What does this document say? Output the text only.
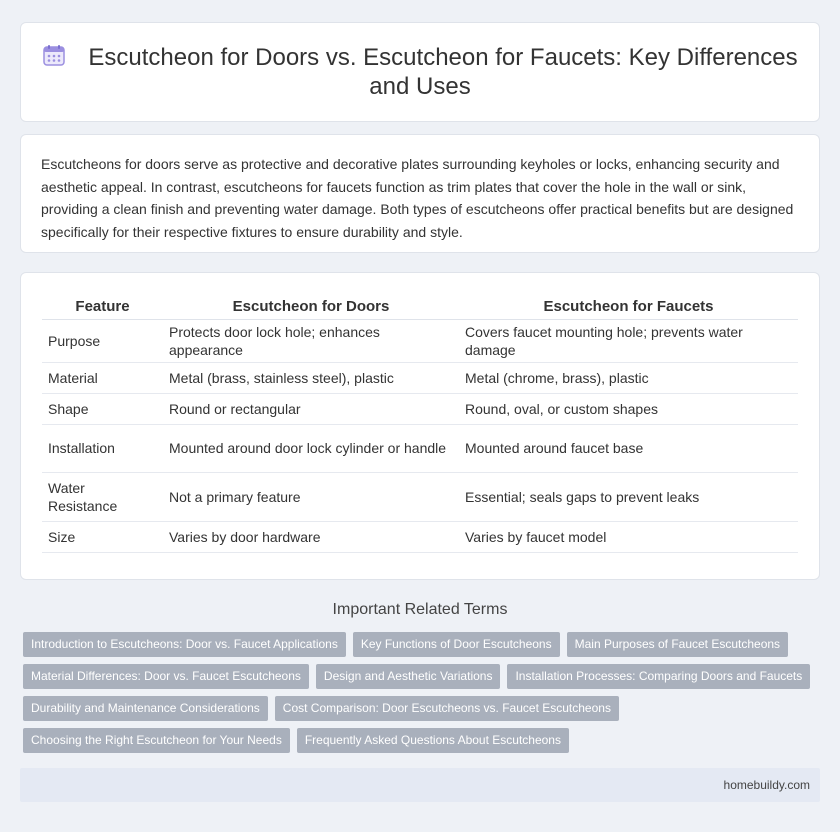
Escutcheon for Doors vs. Escutcheon for Faucets: Key Differences and Uses

Escutcheons for doors serve as protective and decorative plates surrounding keyholes or locks, enhancing security and aesthetic appeal. In contrast, escutcheons for faucets function as trim plates that cover the hole in the wall or sink, providing a clean finish and preventing water damage. Both types of escutcheons offer practical benefits but are designed specifically for their respective fixtures to ensure durability and style.

Feature	Escutcheon for Doors	Escutcheon for Faucets
Purpose	Protects door lock hole; enhances appearance	Covers faucet mounting hole; prevents water damage
Material	Metal (brass, stainless steel), plastic	Metal (chrome, brass), plastic
Shape	Round or rectangular	Round, oval, or custom shapes
Installation	Mounted around door lock cylinder or handle	Mounted around faucet base
Water Resistance	Not a primary feature	Essential; seals gaps to prevent leaks
Size	Varies by door hardware	Varies by faucet model
Important Related Terms
Introduction to Escutcheons: Door vs. Faucet Applications	Key Functions of Door Escutcheons	Main Purposes of Faucet Escutcheons
Material Differences: Door vs. Faucet Escutcheons	Design and Aesthetic Variations	Installation Processes: Comparing Doors and Faucets
Durability and Maintenance Considerations	Cost Comparison: Door Escutcheons vs. Faucet Escutcheons
Choosing the Right Escutcheon for Your Needs	Frequently Asked Questions About Escutcheons
homebuildy.com
